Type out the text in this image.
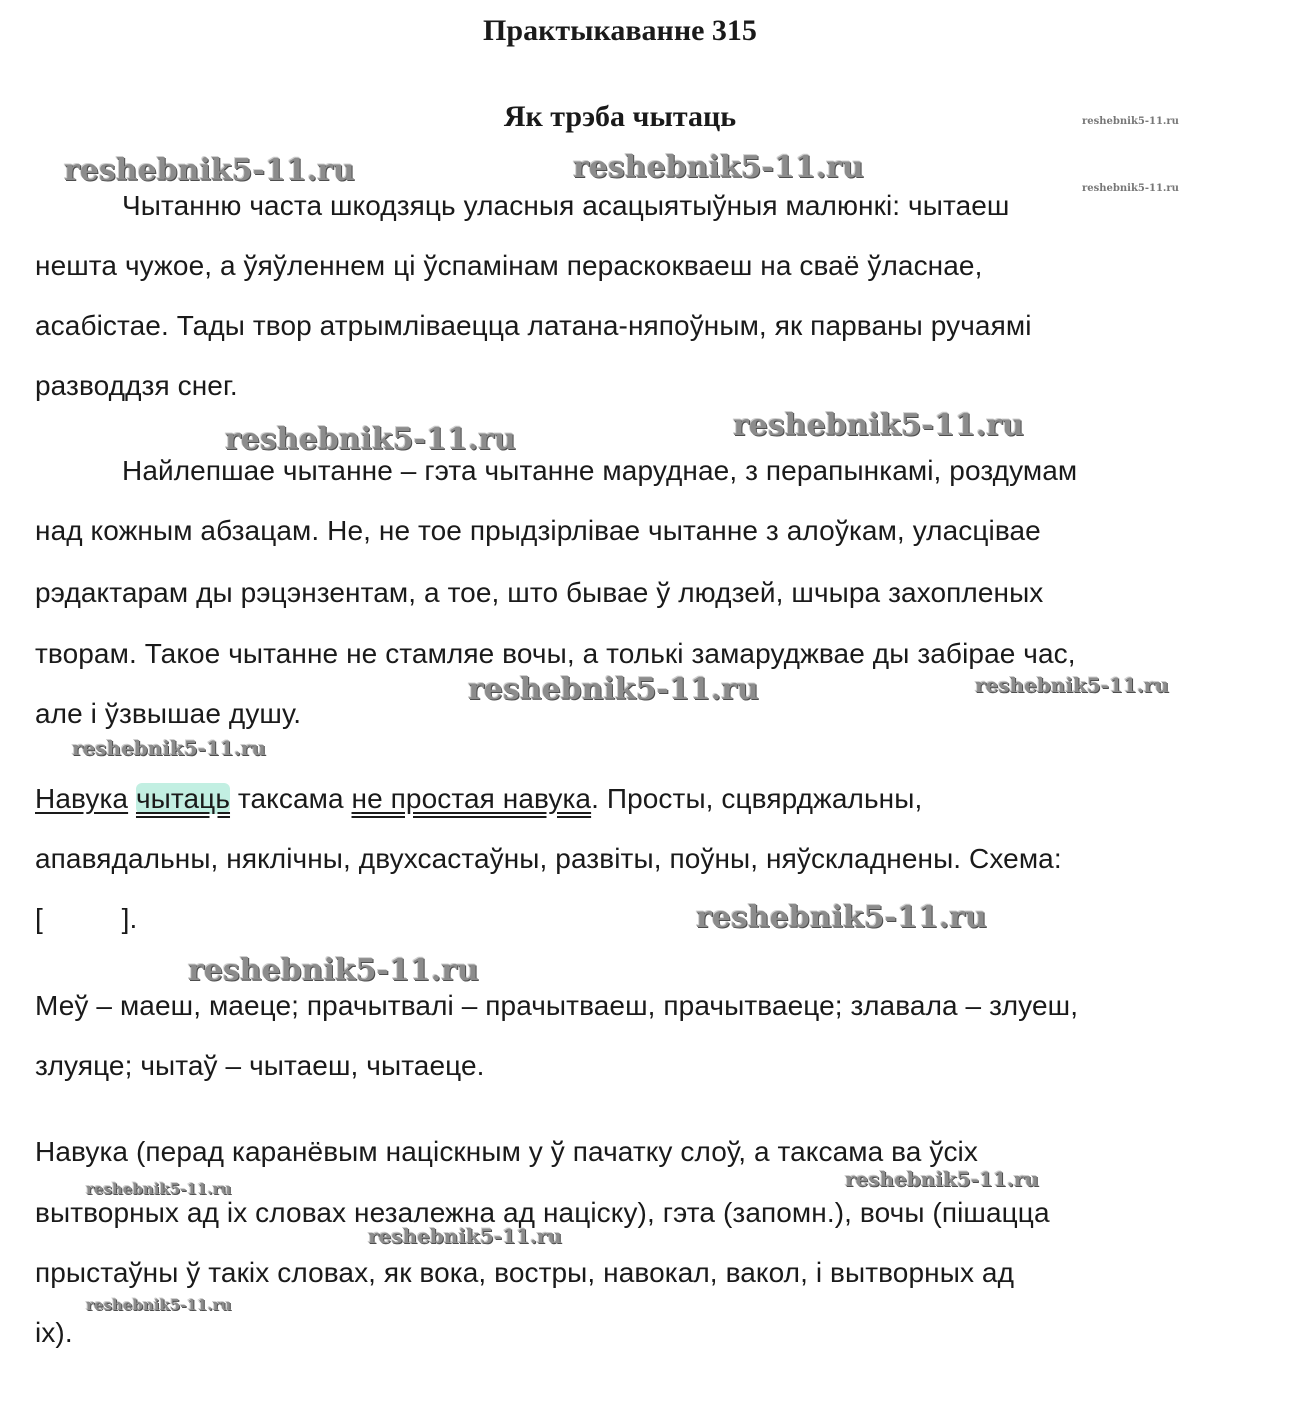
Практыкаванне 315
Як трэба чытаць	reshebnik5-11.ru
reshebnik5-11.ru	reshebnik5-11.ru
reshebnik5-11.ru
Чытанню часта шкодзяць уласныя асацыятыўныя малюнкі: чытаеш
нешта чужое, а ўяўленнем ці ўспамінам пераскокваеш на сваё ўласнае,
асабістае. Тады твор атрымліваецца латана-няпоўным, як парваны ручаямі
разводдзя снег.
reshebnik5-11.ru	reshebnik5-11.ru
Найлепшае чытанне – гэта чытанне маруднае, з перапынкамі, роздумам
над кожным абзацам. Не, не тое прыдзірлівае чытанне з алоўкам, уласцівае
рэдактарам ды рэцэнзентам, а тое, што бывае ў людзей, шчыра захопленых
творам. Такое чытанне не стамляе вочы, а толькі замаруджвае ды забірае час,
але і ўзвышае душу.
reshebnik5-11.ru	reshebnik5-11.ru
reshebnik5-11.ru
Навука чытаць таксама не простая навука. Просты, сцвярджальны,
апавядальны, няклічны, двухсастаўны, развіты, поўны, няўскладнены. Схема:
[          ].	reshebnik5-11.ru
reshebnik5-11.ru
Меў – маеш, маеце; прачытвалі – прачытваеш, прачытваеце; злавала – злуеш,
злуяце; чытаў – чытаеш, чытаеце.
Навука (перад каранёвым націскным у ў пачатку слоў, а таксама ва ўсіх
вытворных ад іх словах незалежна ад націску), гэта (запомн.), вочы (пішацца
прыстаўны ў такіх словах, як вока, востры, навокал, вакол, і вытворных ад
іх).
reshebnik5-11.ru	reshebnik5-11.ru
reshebnik5-11.ru
reshebnik5-11.ru
